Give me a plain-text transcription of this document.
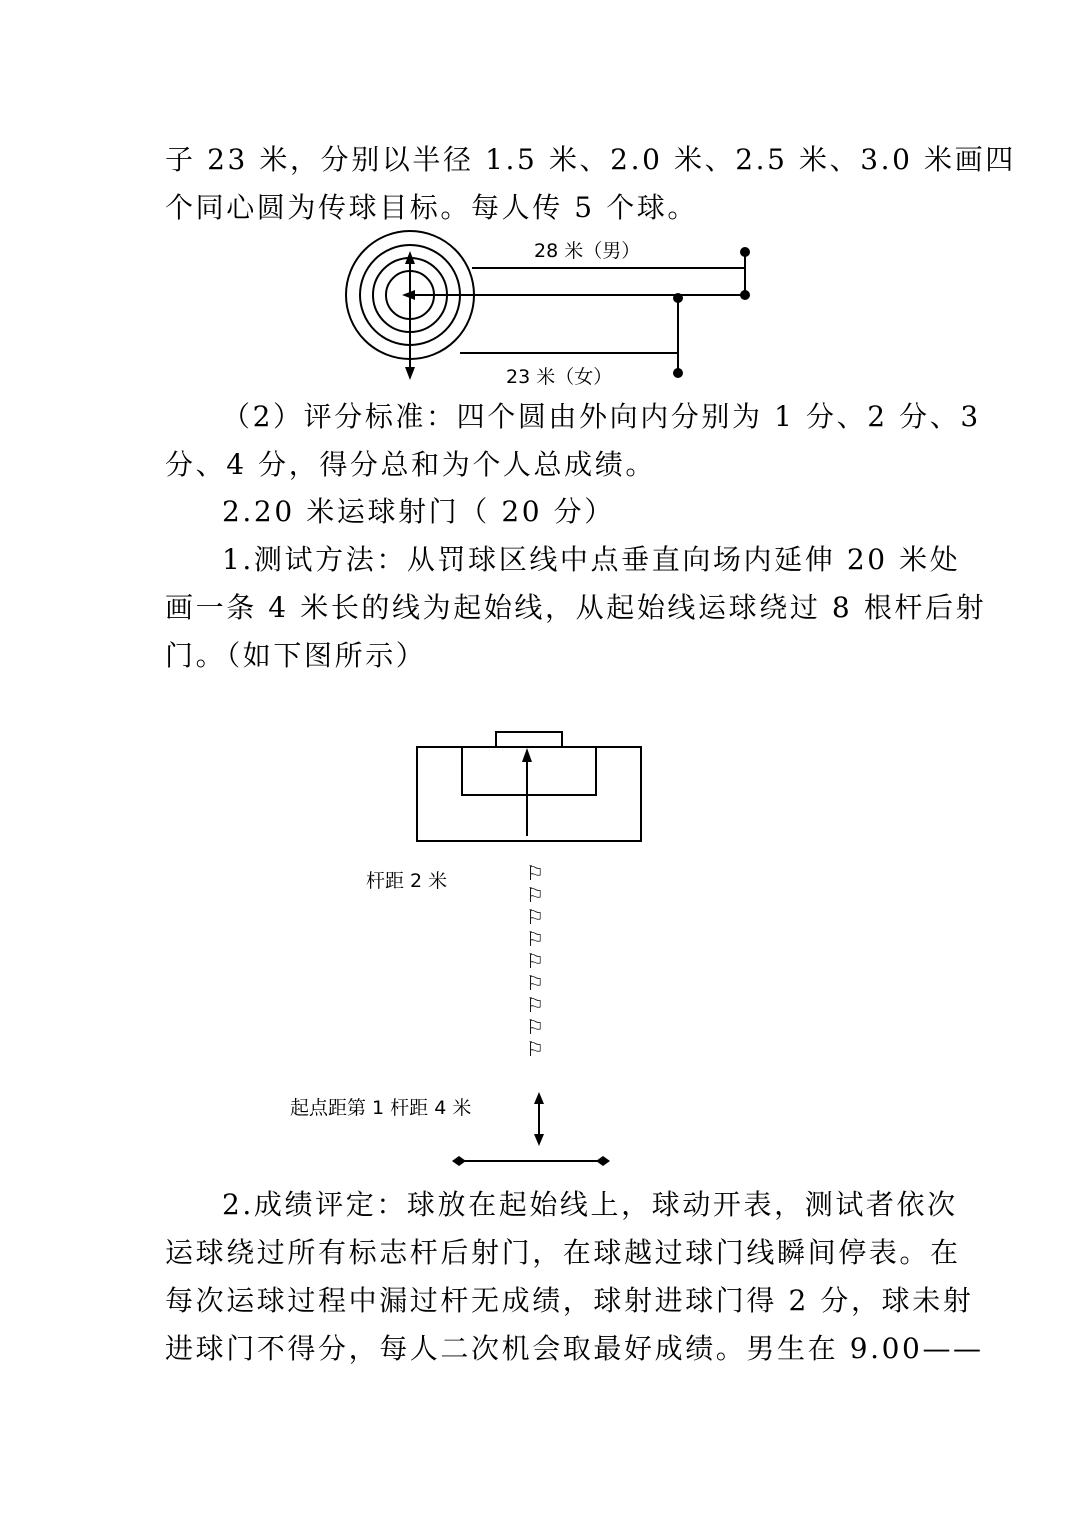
子 23 米，分别以半径 1.5 米、2.0 米、2.5 米、3.0 米画四
个同心圆为传球目标。每人传 5 个球。
28 米（男）
23 米（女）
（2）评分标准：四个圆由外向内分别为 1 分、2 分、3
分、4 分，得分总和为个人总成绩。
2.20 米运球射门（ 20 分）
1.测试方法：从罚球区线中点垂直向场内延伸 20 米处
画一条 4 米长的线为起始线，从起始线运球绕过 8 根杆后射
门。（如下图所示）
杆距 2 米
起点距第 1 杆距 4 米
⚐
⚐
⚐
⚐
⚐
⚐
⚐
⚐
⚐
2.成绩评定：球放在起始线上，球动开表，测试者依次
运球绕过所有标志杆后射门，在球越过球门线瞬间停表。在
每次运球过程中漏过杆无成绩，球射进球门得 2 分，球未射
进球门不得分，每人二次机会取最好成绩。男生在 9.00——
